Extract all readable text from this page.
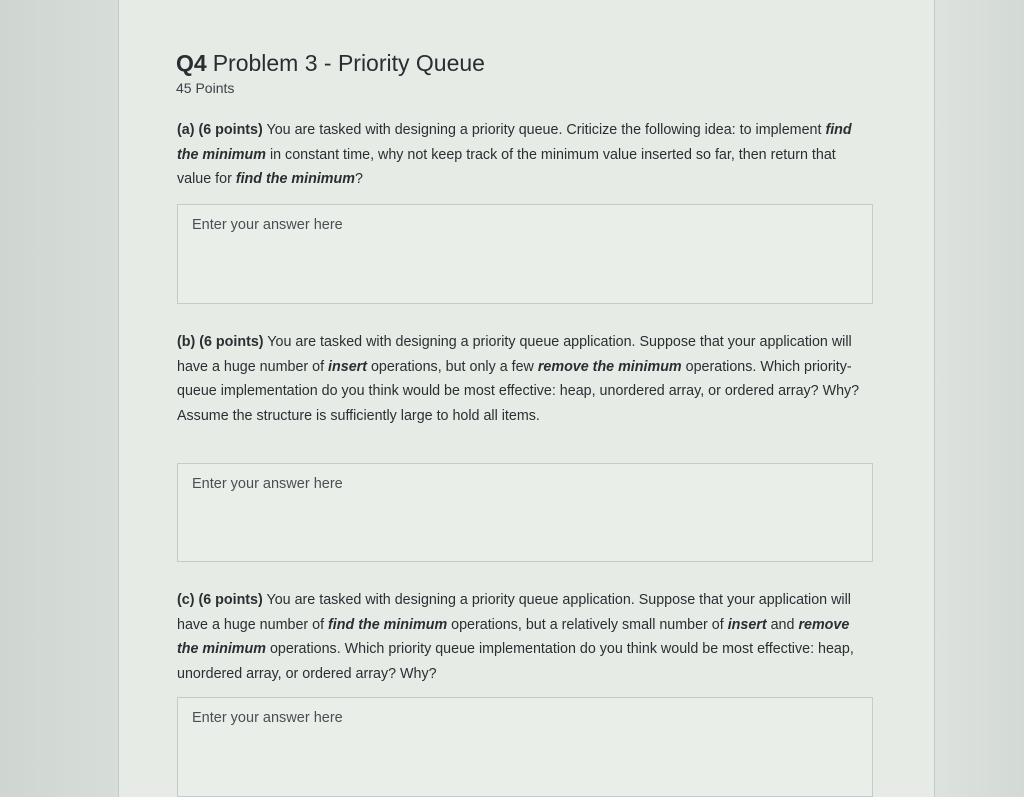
Q4 Problem 3 - Priority Queue
45 Points
(a) (6 points) You are tasked with designing a priority queue. Criticize the following idea: to implement find the minimum in constant time, why not keep track of the minimum value inserted so far, then return that value for find the minimum?
Enter your answer here
(b) (6 points) You are tasked with designing a priority queue application. Suppose that your application will have a huge number of insert operations, but only a few remove the minimum operations. Which priority-queue implementation do you think would be most effective: heap, unordered array, or ordered array? Why? Assume the structure is sufficiently large to hold all items.
Enter your answer here
(c) (6 points) You are tasked with designing a priority queue application. Suppose that your application will have a huge number of find the minimum operations, but a relatively small number of insert and remove the minimum operations. Which priority queue implementation do you think would be most effective: heap, unordered array, or ordered array? Why?
Enter your answer here
